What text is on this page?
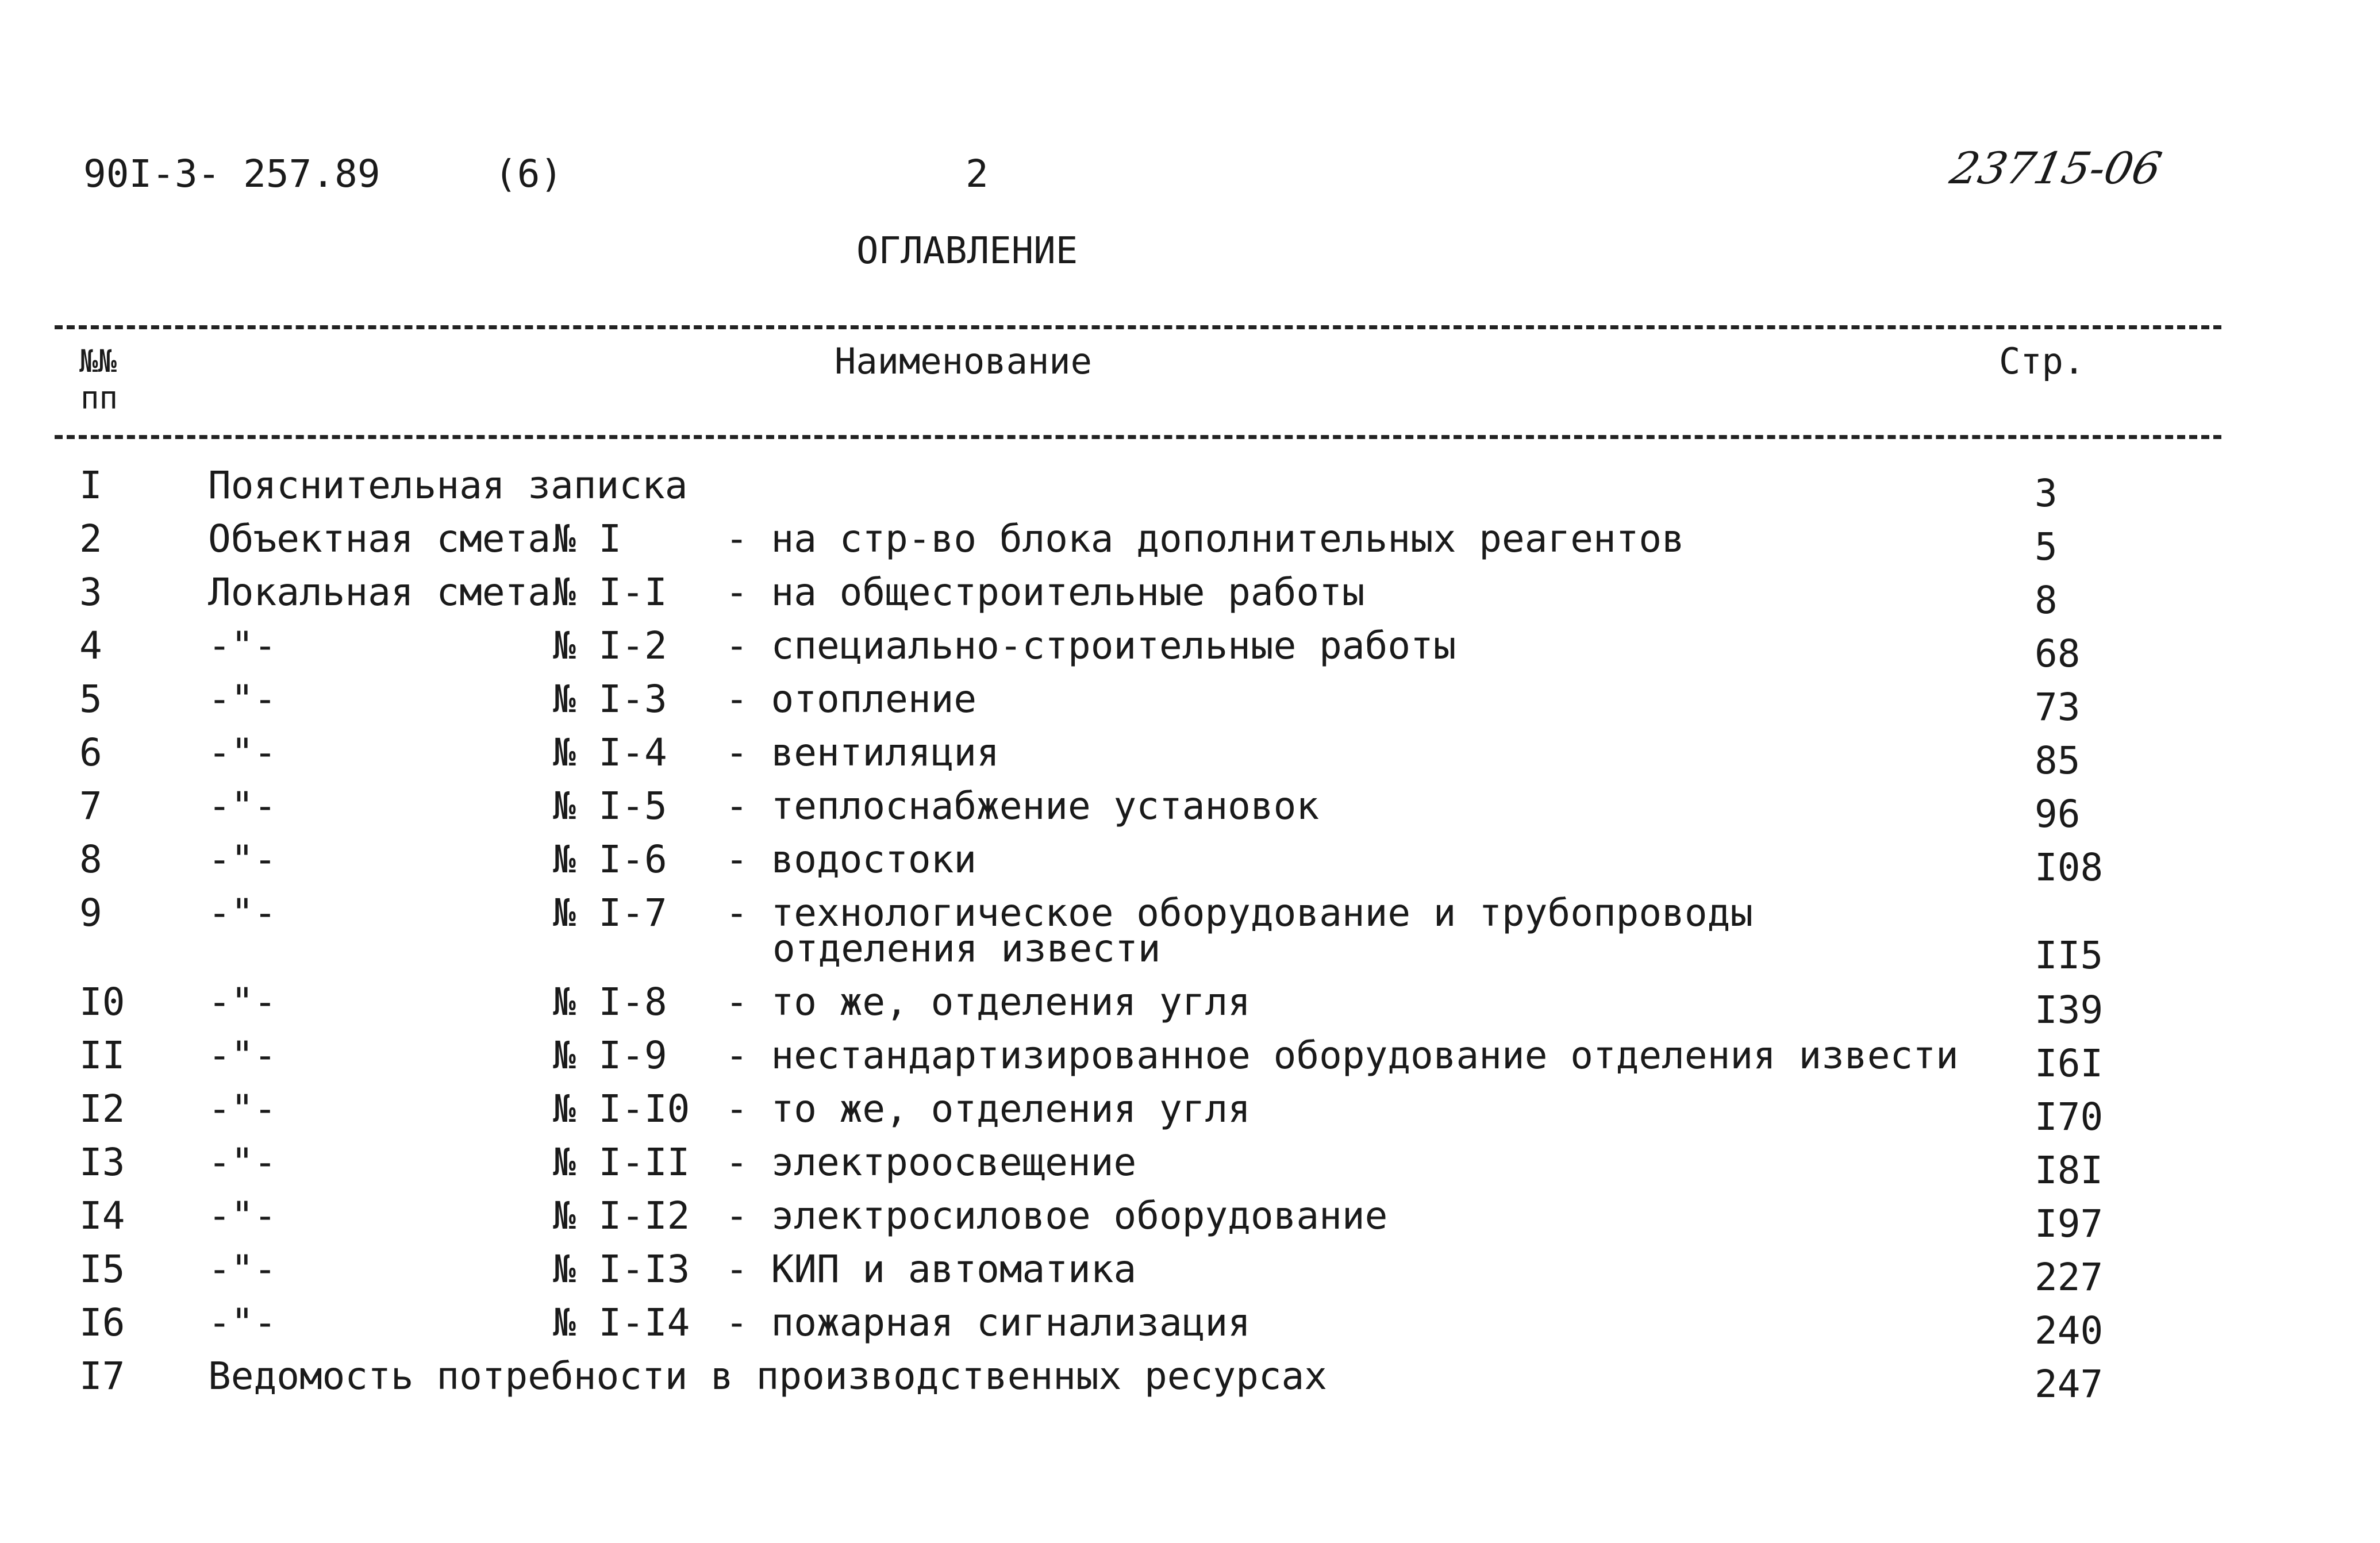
90I-3- 257.89	(6)	2	23715-06
ОГЛАВЛЕНИЕ
№№
пп
Наименование	Стр.
I	Пояснительная записка	3
2	Объектная смета № I	- на стр-во блока дополнительных реагентов	5
3	Локальная смета № I-I - на общестроительные работы	8
4	-"-	№ I-2 - специально-строительные работы	68
5	-"-	№ I-3 - отопление	73
6	-"-	№ I-4 - вентиляция	85
7	-"-	№ I-5 - теплоснабжение установок	96
8	-"-	№ I-6 - водостоки	I08
9	-"-	№ I-7 - технологическое оборудование и трубопроводы
отделения извести	II5
I0 -"-	№ I-8 - то же, отделения угля	I39
II -"-	№ I-9 - нестандартизированное оборудование отделения извести I6I
I2 -"-	№ I-I0 - то же, отделения угля	I70
I3 -"-	№ I-II - электроосвещение	I8I
I4 -"-	№ I-I2 - электросиловое оборудование	I97
I5 -"-	№ I-I3 - КИП и автоматика	227
I6 -"-	№ I-I4 - пожарная сигнализация	240
I7 Ведомость потребности в производственных ресурсах	247
